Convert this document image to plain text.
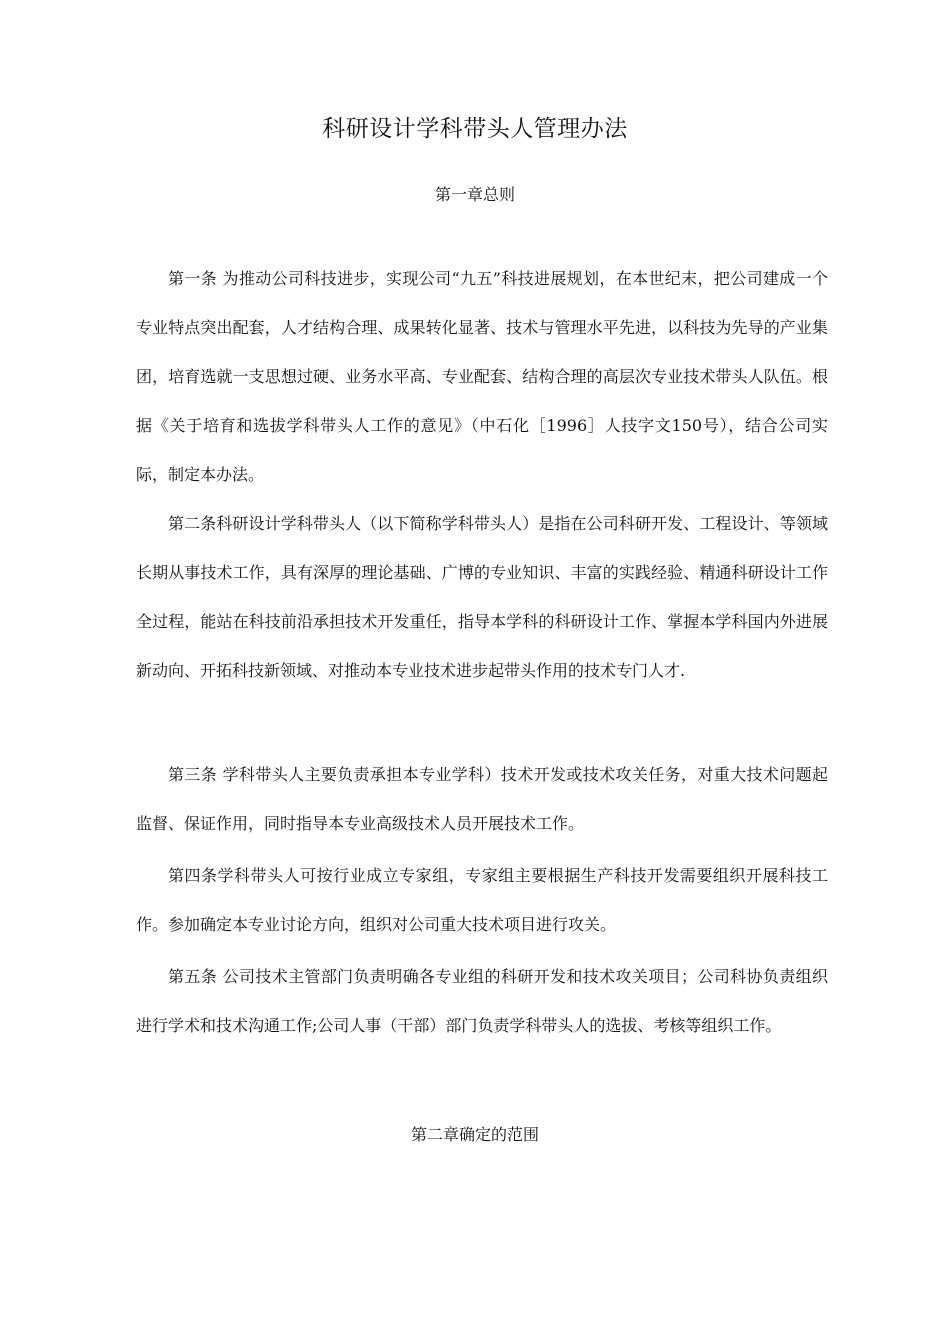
科研设计学科带头人管理办法
第一章总则

第一条 为推动公司科技进步，实现公司“九五”科技进展规划，在本世纪末，把公司建成一个专业特点突出配套，人才结构合理、成果转化显著、技术与管理水平先进，以科技为先导的产业集团，培育选就一支思想过硬、业务水平高、专业配套、结构合理的高层次专业技术带头人队伍。根据《关于培育和选拔学科带头人工作的意见》（中石化［1996］人技字文150号），结合公司实际，制定本办法。

第二条科研设计学科带头人（以下简称学科带头人）是指在公司科研开发、工程设计、等领域长期从事技术工作，具有深厚的理论基础、广博的专业知识、丰富的实践经验、精通科研设计工作全过程，能站在科技前沿承担技术开发重任，指导本学科的科研设计工作、掌握本学科国内外进展新动向、开拓科技新领域、对推动本专业技术进步起带头作用的技术专门人才.

第三条 学科带头人主要负责承担本专业学科）技术开发或技术攻关任务，对重大技术问题起监督、保证作用，同时指导本专业高级技术人员开展技术工作。

第四条学科带头人可按行业成立专家组，专家组主要根据生产科技开发需要组织开展科技工作。参加确定本专业讨论方向，组织对公司重大技术项目进行攻关。

第五条 公司技术主管部门负责明确各专业组的科研开发和技术攻关项目；公司科协负责组织进行学术和技术沟通工作;公司人事（干部）部门负责学科带头人的选拔、考核等组织工作。

第二章确定的范围
